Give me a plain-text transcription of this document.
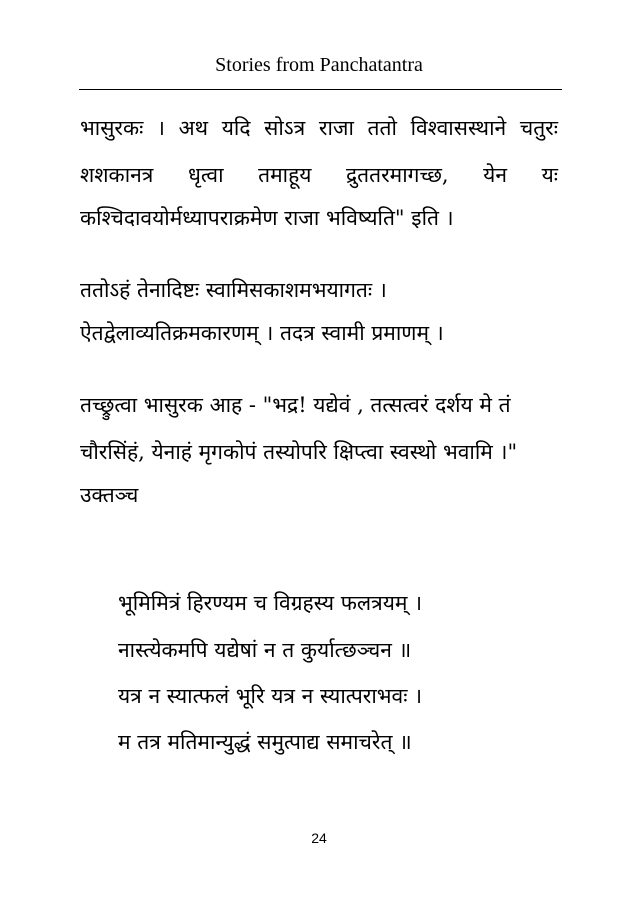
Stories from Panchatantra
भासुरकः । अथ यदि सोऽत्र राजा ततो विश्वासस्थाने चतुरः
शशकानत्र धृत्वा तमाहूय द्रुततरमागच्छ, येन यः
कश्चिदावयोर्मध्यापराक्रमेण राजा भविष्यति" इति ।
ततोऽहं तेनादिष्टः स्वामिसकाशमभयागतः ।
ऐतद्वेलाव्यतिक्रमकारणम् । तदत्र स्वामी प्रमाणम् ।
तच्छ्रुत्वा भासुरक आह - "भद्र! यद्येवं , तत्सत्वरं दर्शय मे तं
चौरसिंहं, येनाहं मृगकोपं तस्योपरि क्षिप्त्वा स्वस्थो भवामि ।"
उक्तञ्च
भूमिमित्रं हिरण्यम च विग्रहस्य फलत्रयम् ।
नास्त्येकमपि यद्येषां न त कुर्यात्छञ्चन ॥
यत्र न स्यात्फलं भूरि यत्र न स्यात्पराभवः ।
म तत्र मतिमान्युद्धं समुत्पाद्य समाचरेत् ॥
24
